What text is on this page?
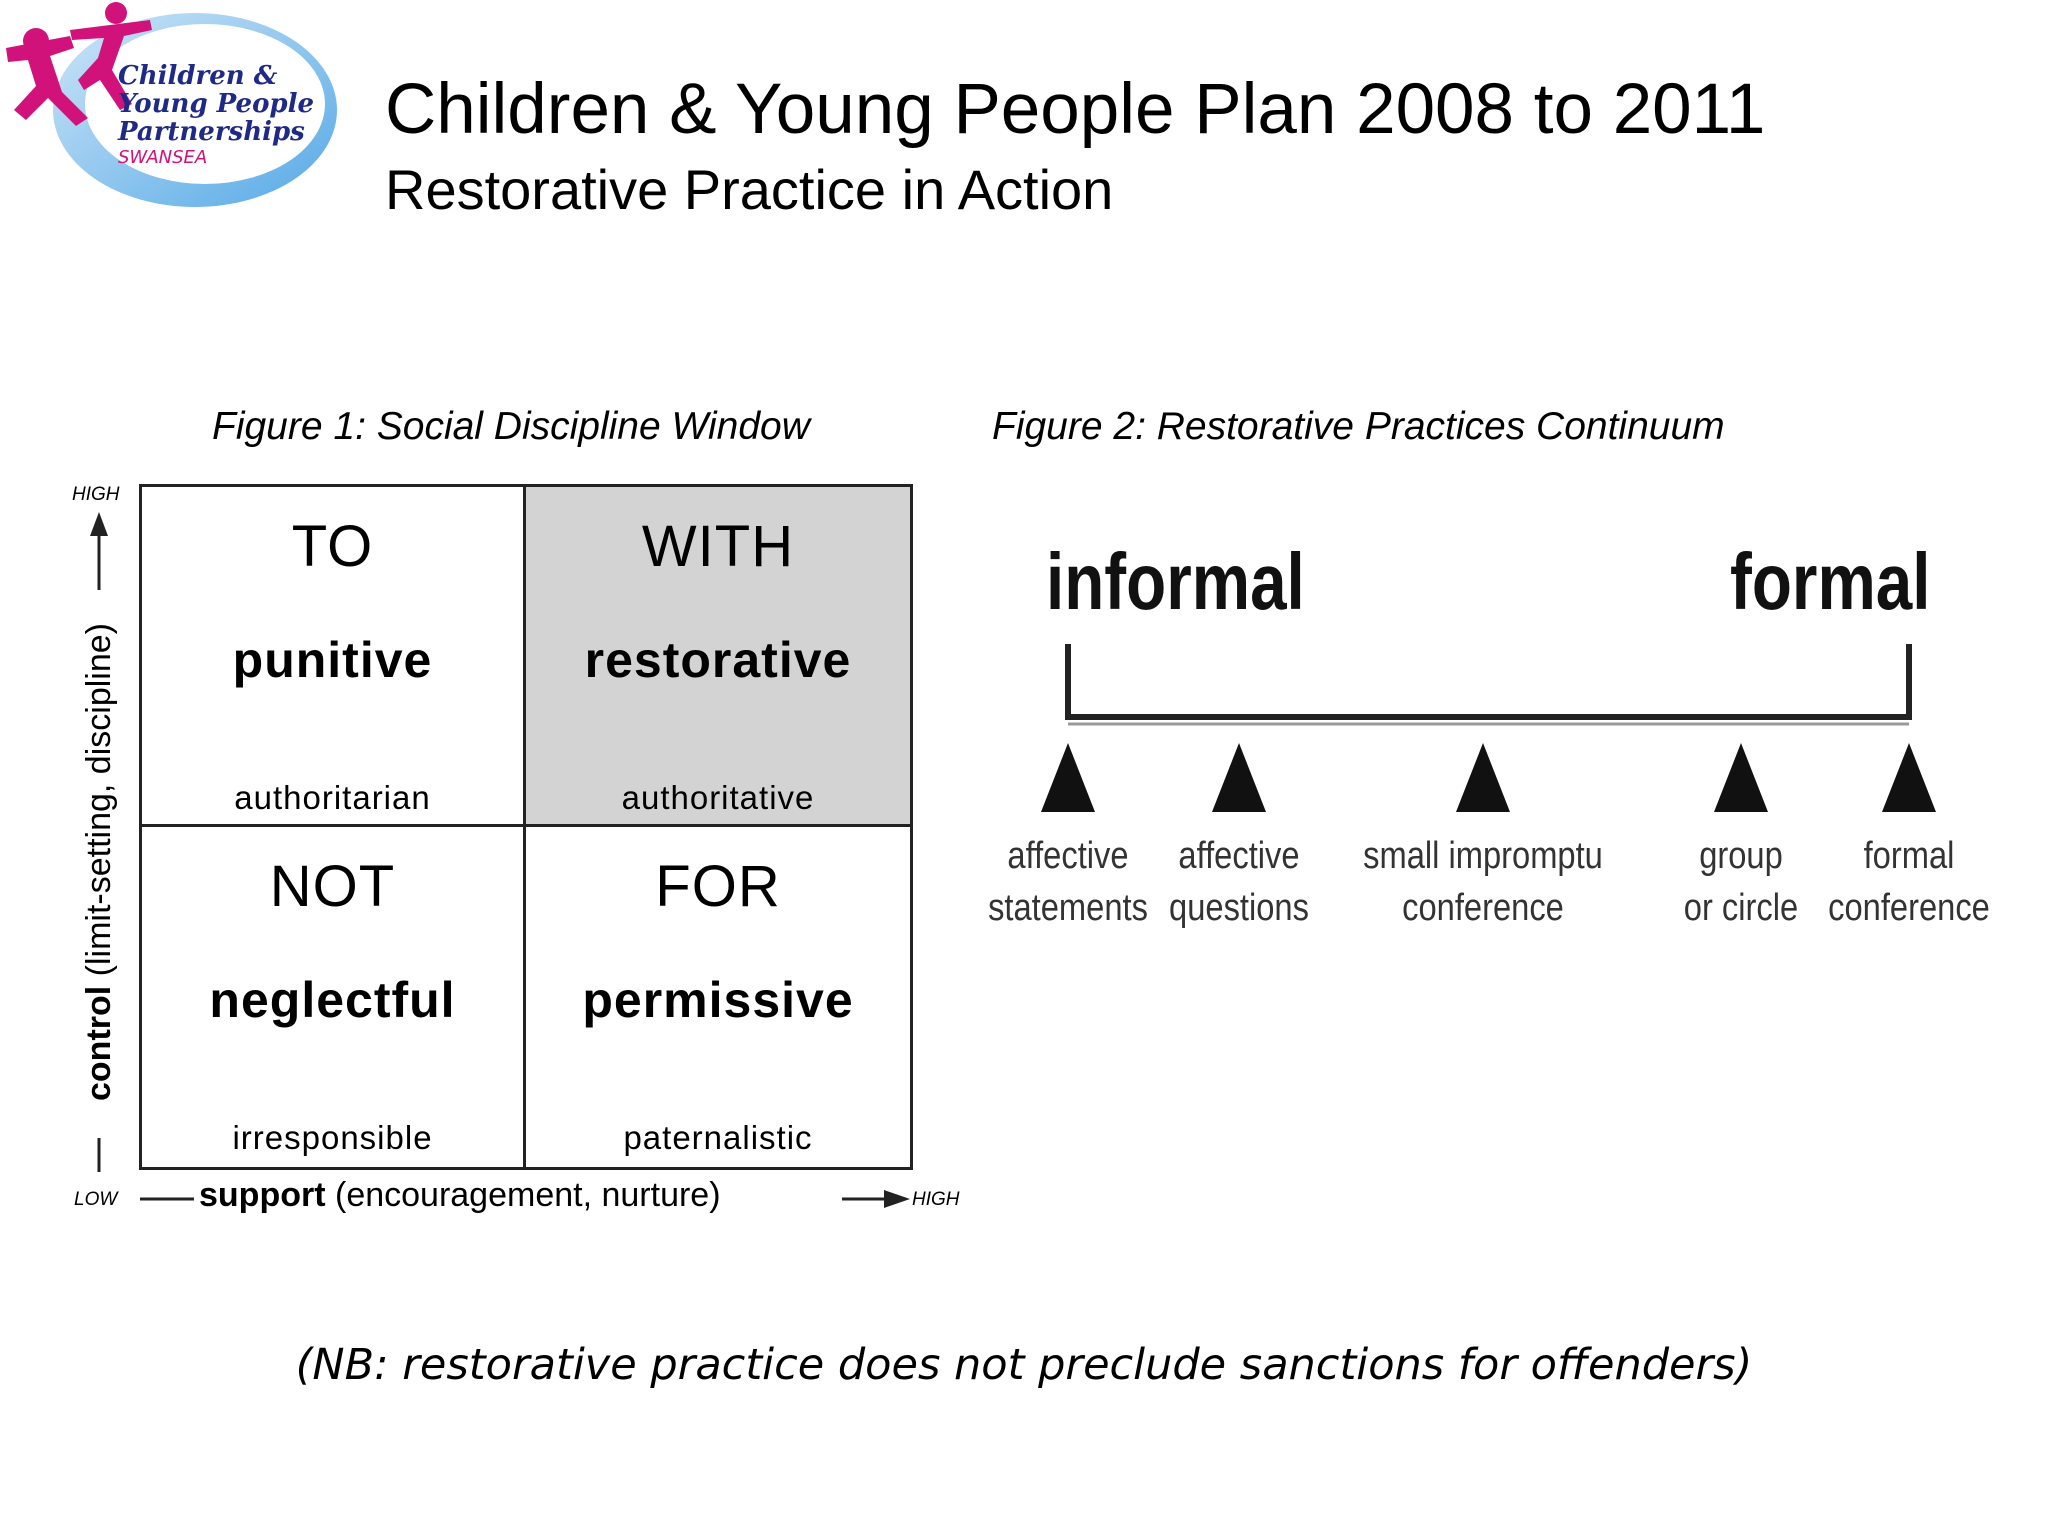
Children &
Young People
Partnerships
SWANSEA
Children & Young People Plan 2008 to 2011
Restorative Practice in Action
Figure 1: Social Discipline Window	Figure 2: Restorative Practices Continuum
TO
punitive
authoritarian
WITH
restorative
authoritative
NOT
neglectful
irresponsible
FOR
permissive
paternalistic
HIGH
control (limit-setting, discipline)
LOW support (encouragement, nurture)	HIGH
informal	formal
affective
statements
affective
questions
small impromptu
conference
group
or circle
formal
conference
(NB: restorative practice does not preclude sanctions for offenders)
